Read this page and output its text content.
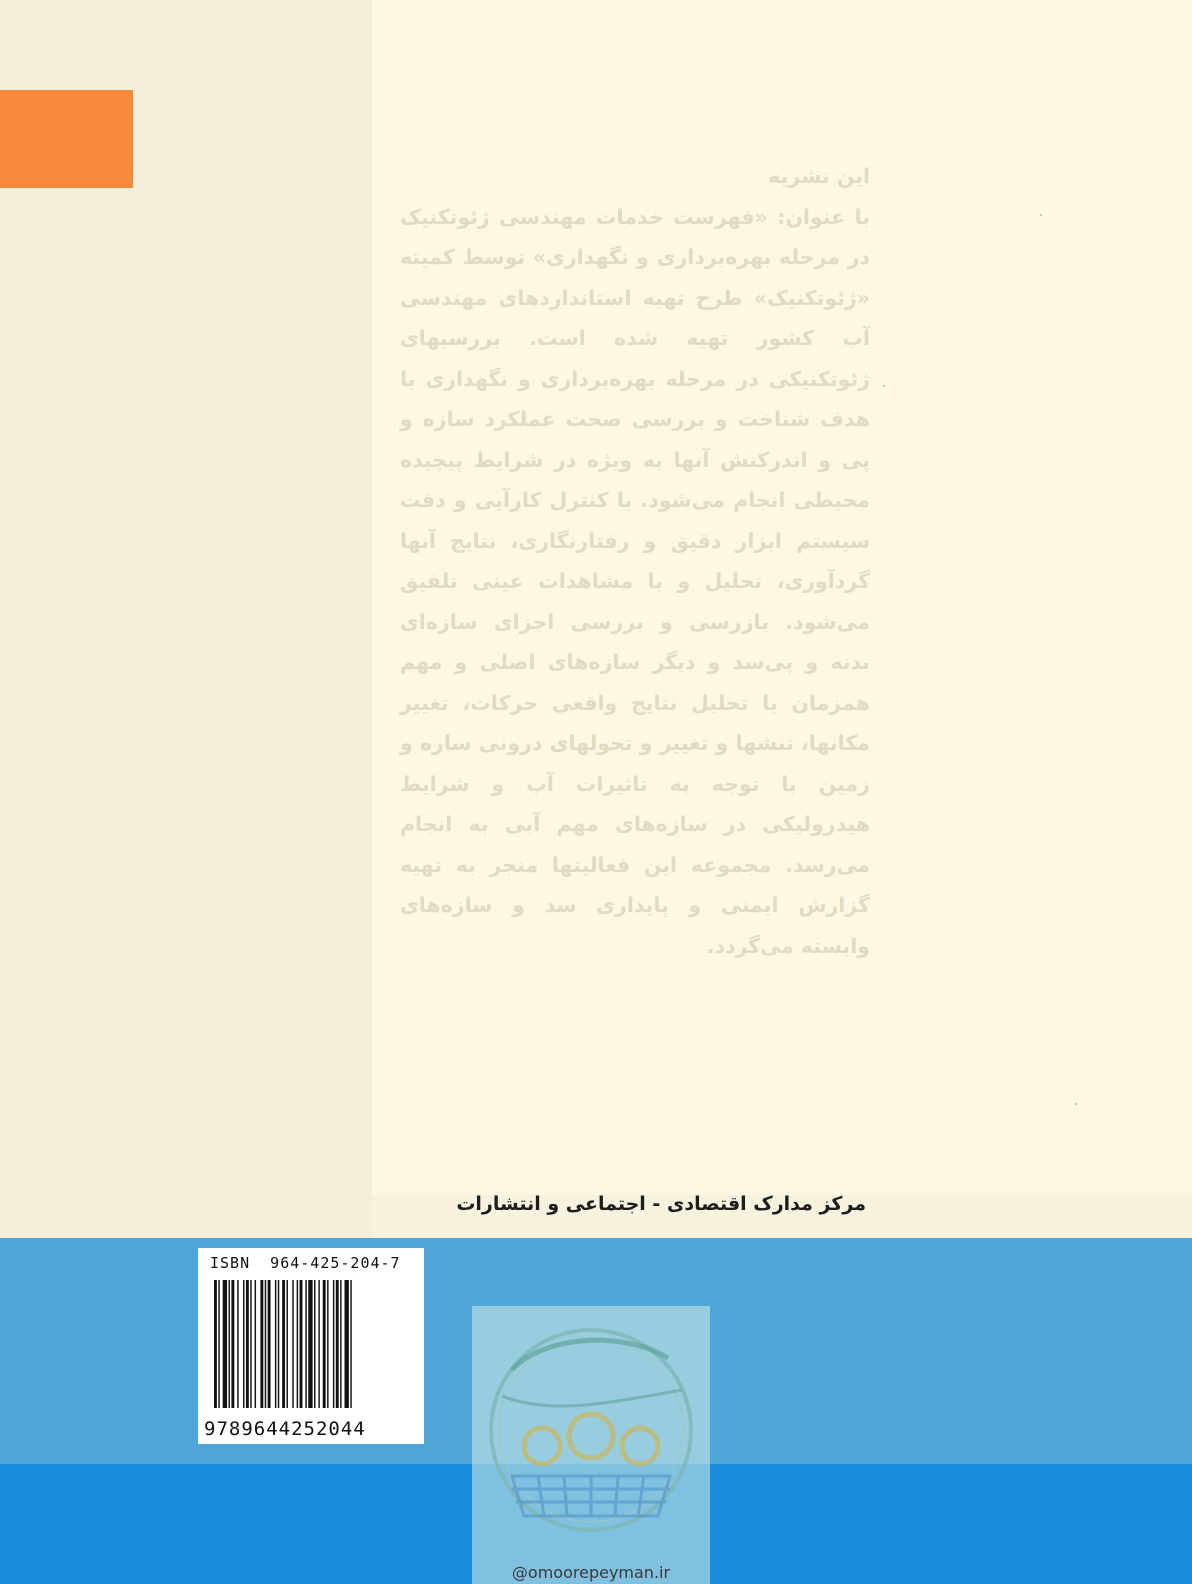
این نشریه
با عنوان: «فهرست خدمات مهندسی ژئوتکنیک در مرحله بهره‌برداری و نگهداری» توسط کمیته «ژئوتکنیک» طرح تهیه استانداردهای مهندسی آب کشور تهیه شده است. بررسیهای ژئوتکنیکی در مرحله بهره‌برداری و نگهداری با هدف شناخت و بررسی صحت عملکرد سازه و پی و اندرکنش آنها به ویژه در شرایط پیچیده محیطی انجام می‌شود. با کنترل کارآیی و دقت سیستم ابزار دقیق و رفتارنگاری، نتایج آنها گردآوری، تحلیل و با مشاهدات عینی تلفیق می‌شود. بازرسی و بررسی اجزای سازه‌ای بدنه و پی‌سد و دیگر سازه‌های اصلی و مهم همزمان با تحلیل نتایج واقعی حرکات، تغییر مکانها، تنشها و تغییر و تحولهای درونی سازه و زمین با توجه به تاثیرات آب و شرایط هیدرولیکی در سازه‌های مهم آبی به انجام می‌رسد. مجموعه این فعالیتها منجر به تهیه گزارش ایمنی و پایداری سد و سازه‌های وابسته می‌گردد.
مرکز مدارک اقتصادی - اجتماعی و انتشارات
ISBN  964-425-204-7
9789644252044
@omoorepeyman.ir
